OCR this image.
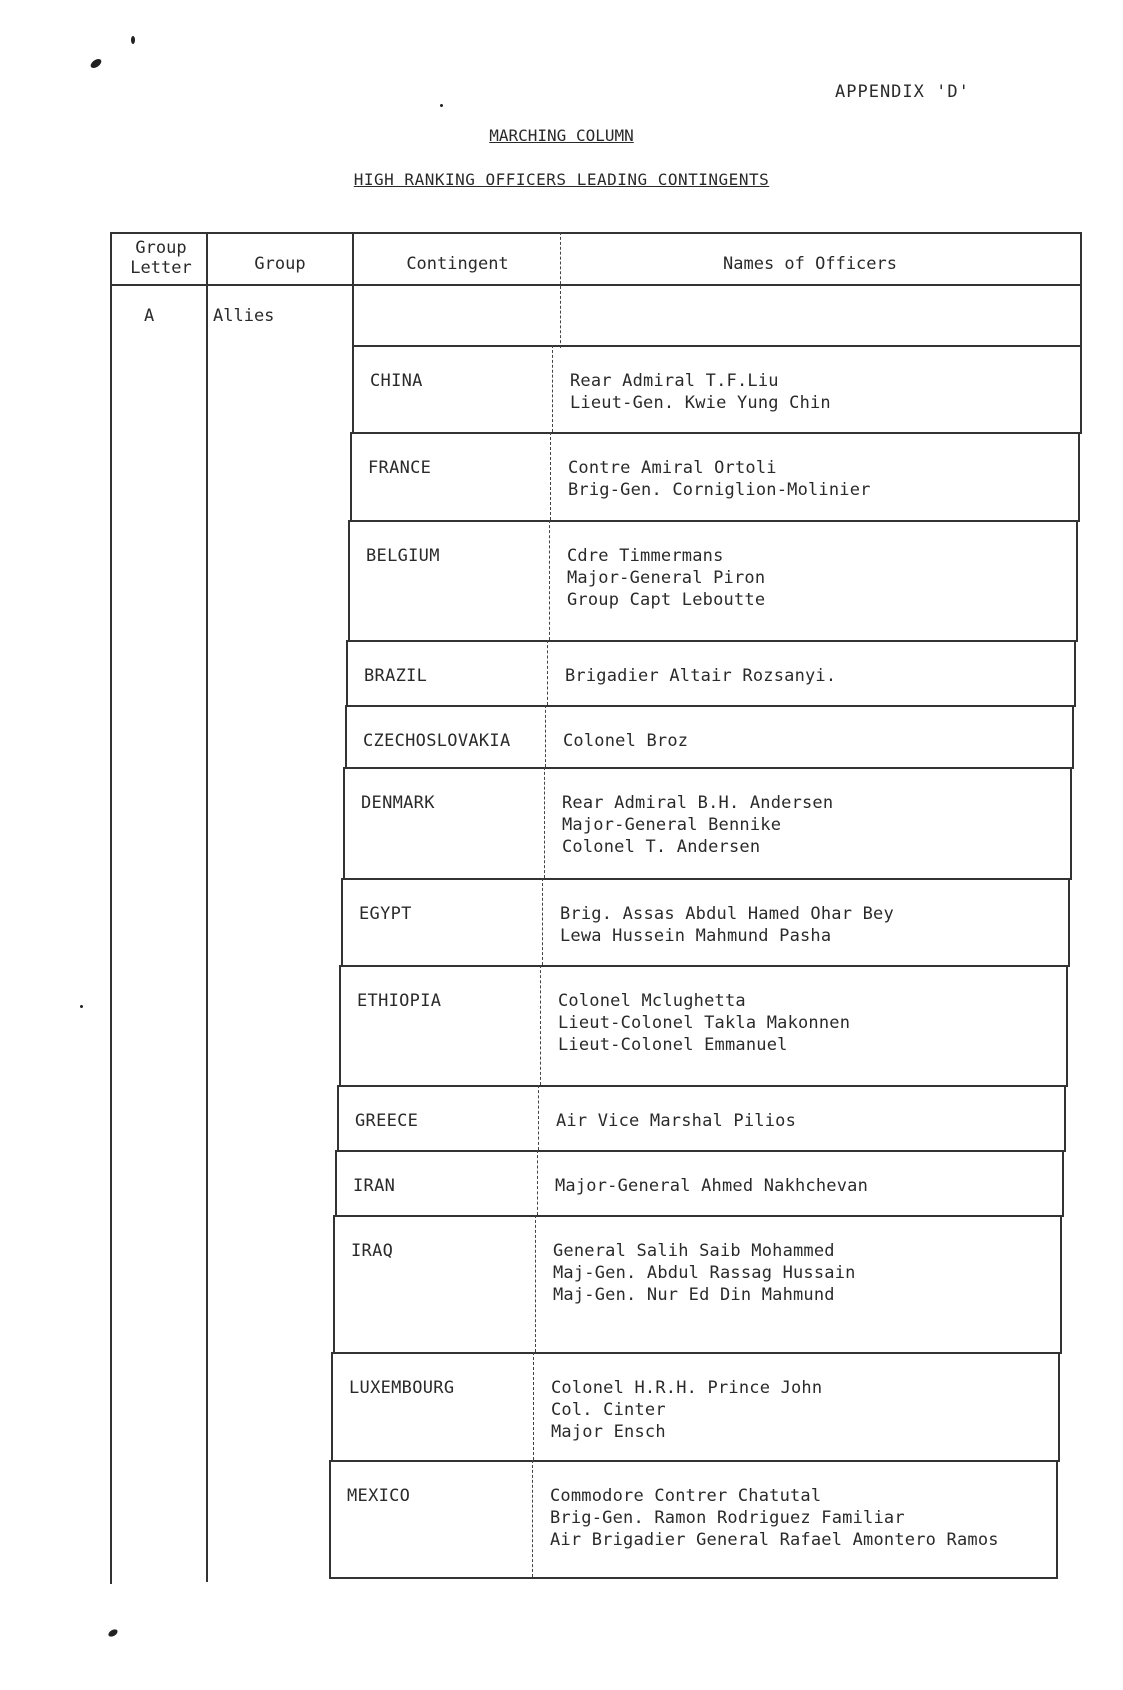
APPENDIX 'D'
MARCHING COLUMN
HIGH RANKING OFFICERS LEADING CONTINGENTS
Group Letter	Group	Contingent	Names of Officers
A	Allies
CHINA	Rear Admiral T.F.Liu
Lieut-Gen. Kwie Yung Chin
FRANCE	Contre Amiral Ortoli
Brig-Gen. Corniglion-Molinier
BELGIUM	Cdre Timmermans
Major-General Piron
Group Capt Leboutte
BRAZIL	Brigadier Altair Rozsanyi.
CZECHOSLOVAKIA	Colonel Broz
DENMARK	Rear Admiral B.H. Andersen
Major-General Bennike
Colonel T. Andersen
EGYPT	Brig. Assas Abdul Hamed Ohar Bey
Lewa Hussein Mahmund Pasha
ETHIOPIA	Colonel Mclughetta
Lieut-Colonel Takla Makonnen
Lieut-Colonel Emmanuel
GREECE	Air Vice Marshal Pilios
IRAN	Major-General Ahmed Nakhchevan
IRAQ	General Salih Saib Mohammed
Maj-Gen. Abdul Rassag Hussain
Maj-Gen. Nur Ed Din Mahmund
LUXEMBOURG	Colonel H.R.H. Prince John
Col. Cinter
Major Ensch
MEXICO	Commodore Contrer Chatutal
Brig-Gen. Ramon Rodriguez Familiar
Air Brigadier General Rafael Amontero Ramos
